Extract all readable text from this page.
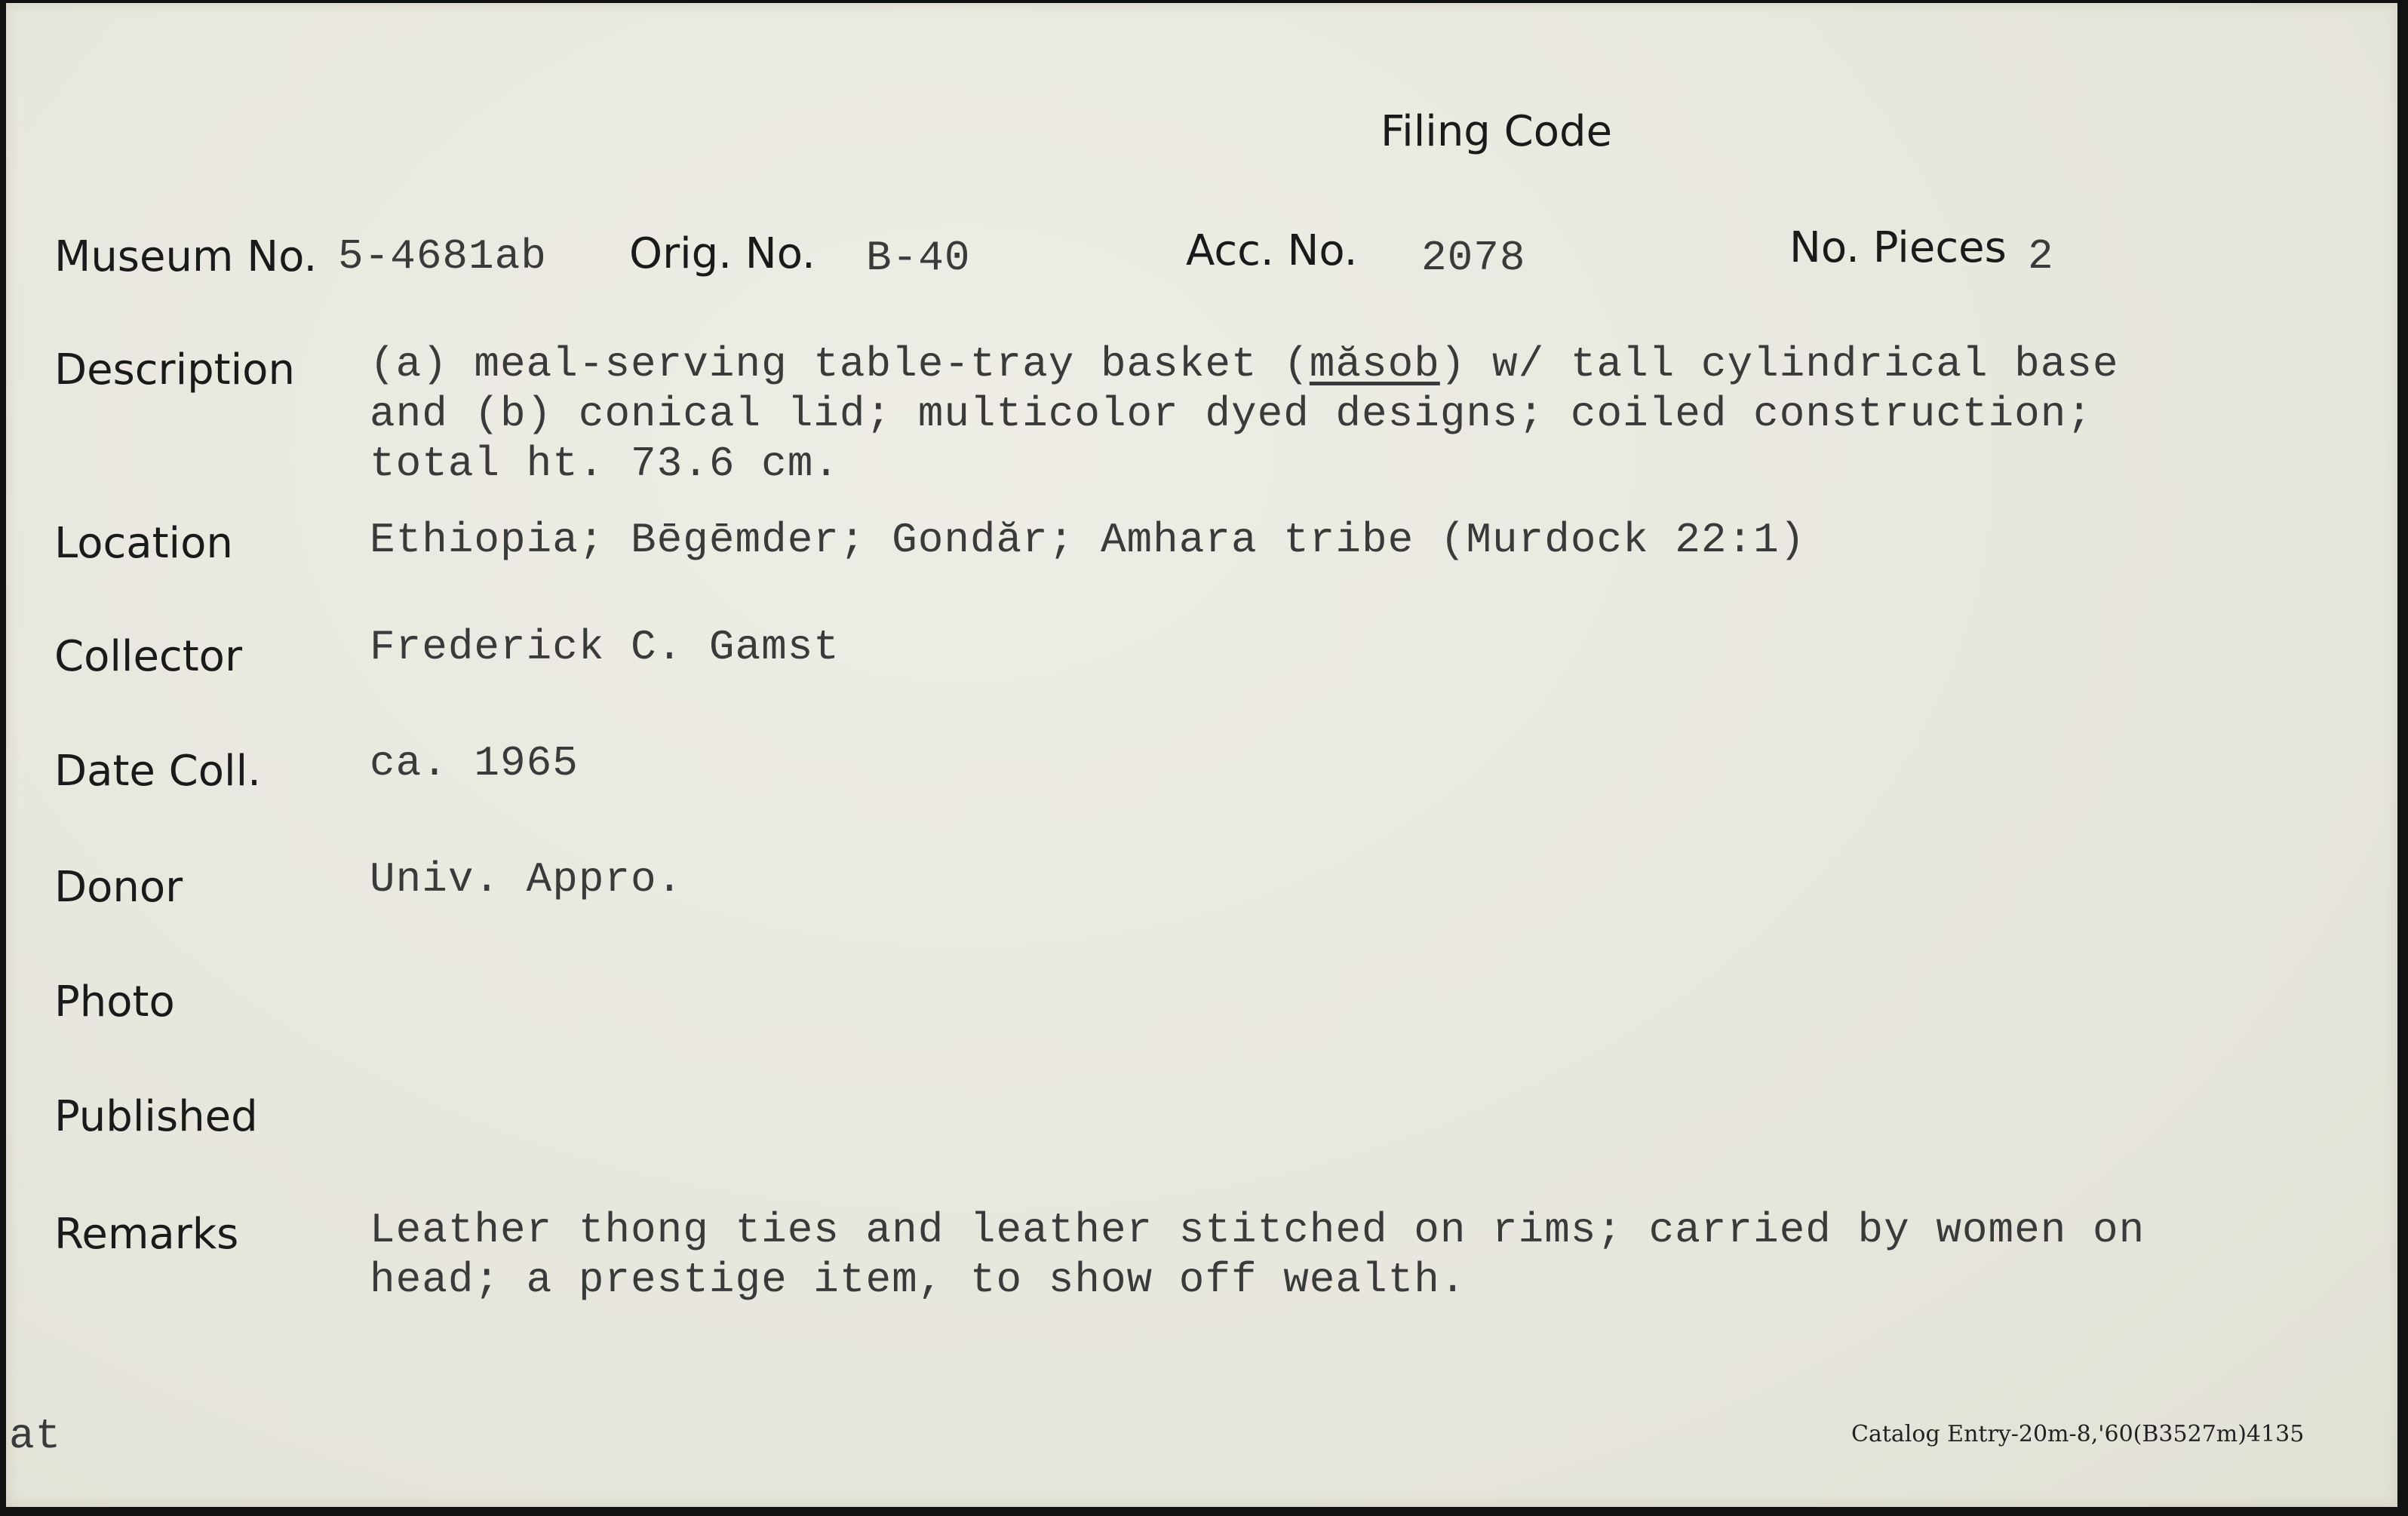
Filing Code
Museum No. 5-4681ab Orig. No. B-40	Acc. No. 2078	No. Pieces 2
Description (a) meal-serving table-tray basket (măsob) w/ tall cylindrical base
and (b) conical lid; multicolor dyed designs; coiled construction;
total ht. 73.6 cm.
Location	Ethiopia; Bēgēmder; Gondăr; Amhara tribe (Murdock 22:1)
Collector	Frederick C. Gamst
Date Coll.	ca. 1965
Donor	Univ. Appro.
Photo
Published
Remarks	Leather thong ties and leather stitched on rims; carried by women on
head; a prestige item, to show off wealth.
at	Catalog Entry-20m-8,'60(B3527m)4135
